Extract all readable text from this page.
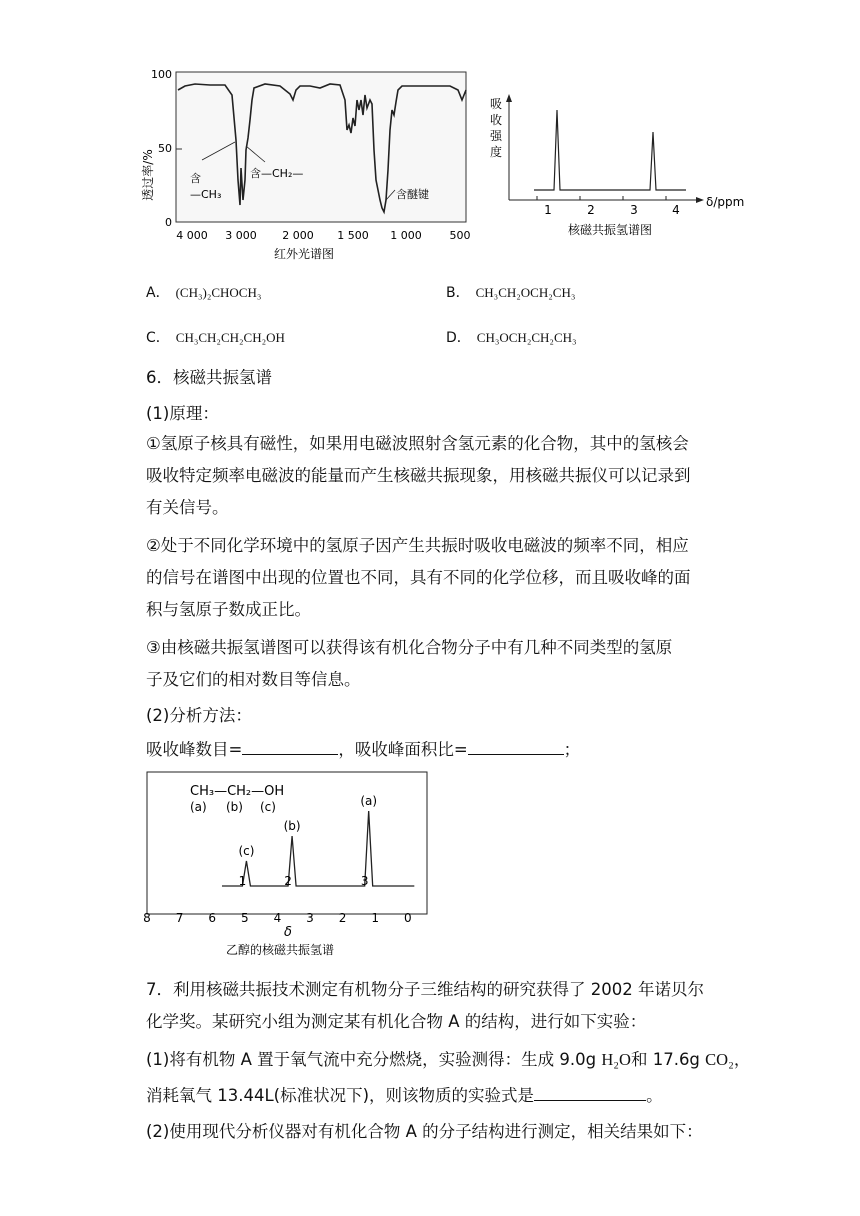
透过率/%
100
50
0
含
—CH₃
含—CH₂—
含醚键
4 000 3 000 2 000 1 500 1 000	500
红外光谱图
吸
收
强
度
1	2	3	4
δ/ppm
核磁共振氢谱图
A． (CH₃)₂CHOCH₃	B． CH₃CH₂OCH₂CH₃
C． CH₃CH₂CH₂CH₂OH	D． CH₃OCH₂CH₂CH₃
6．核磁共振氢谱
(1)原理：
①氢原子核具有磁性，如果用电磁波照射含氢元素的化合物，其中的氢核会
吸收特定频率电磁波的能量而产生核磁共振现象，用核磁共振仪可以记录到
有关信号。
②处于不同化学环境中的氢原子因产生共振时吸收电磁波的频率不同，相应
的信号在谱图中出现的位置也不同，具有不同的化学位移，而且吸收峰的面
积与氢原子数成正比。
③由核磁共振氢谱图可以获得该有机化合物分子中有几种不同类型的氢原
子及它们的相对数目等信息。
(2)分析方法：
吸收峰数目=	，吸收峰面积比=	；
CH₃—CH₂—OH
(a) (b) (c)
(c)
1
(b)
2
(a)
3
8 7 6 5 4 3 2 1 0
δ
乙醇的核磁共振氢谱
7．利用核磁共振技术测定有机物分子三维结构的研究获得了 2002 年诺贝尔
化学奖。某研究小组为测定某有机化合物 A 的结构，进行如下实验：
(1)将有机物 A 置于氧气流中充分燃烧，实验测得：生成 9.0g H₂O和 17.6g CO₂，
消耗氧气 13.44L(标准状况下)，则该物质的实验式是	。
(2)使用现代分析仪器对有机化合物 A 的分子结构进行测定，相关结果如下：
